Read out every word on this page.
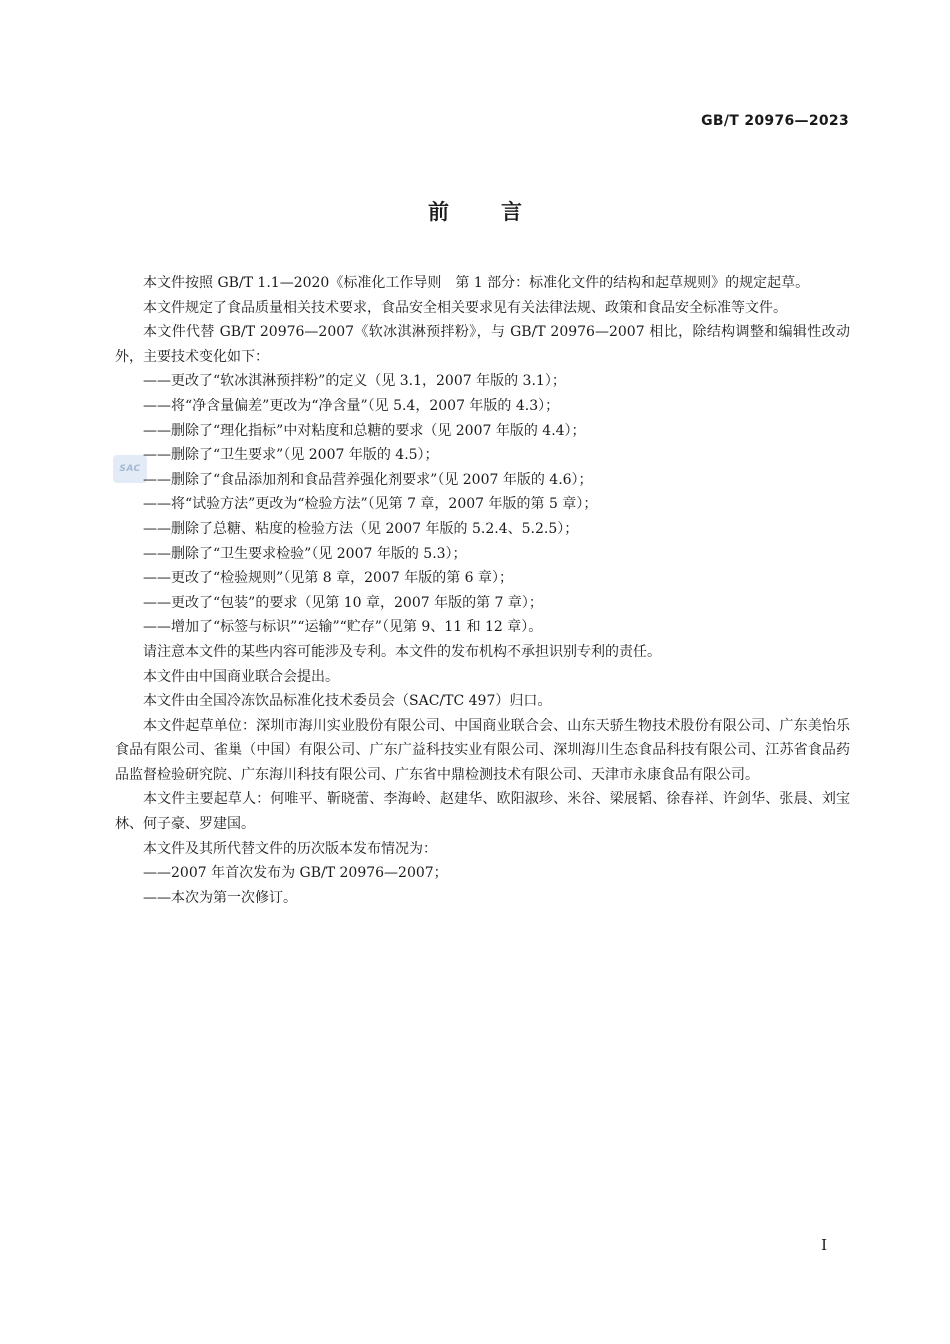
GB/T 20976—2023
前言
SAC

本文件按照 GB/T 1.1—2020《标准化工作导则　第 1 部分：标准化文件的结构和起草规则》的规定起草。

本文件规定了食品质量相关技术要求，食品安全相关要求见有关法律法规、政策和食品安全标准等文件。

本文件代替 GB/T 20976—2007《软冰淇淋预拌粉》，与 GB/T 20976—2007 相比，除结构调整和编辑性改动外，主要技术变化如下：

——更改了“软冰淇淋预拌粉”的定义（见 3.1，2007 年版的 3.1）；

——将“净含量偏差”更改为“净含量”（见 5.4，2007 年版的 4.3）；

——删除了“理化指标”中对粘度和总糖的要求（见 2007 年版的 4.4）；

——删除了“卫生要求”（见 2007 年版的 4.5）；

——删除了“食品添加剂和食品营养强化剂要求”（见 2007 年版的 4.6）；

——将“试验方法”更改为“检验方法”（见第 7 章，2007 年版的第 5 章）；

——删除了总糖、粘度的检验方法（见 2007 年版的 5.2.4、5.2.5）；

——删除了“卫生要求检验”（见 2007 年版的 5.3）；

——更改了“检验规则”（见第 8 章，2007 年版的第 6 章）；

——更改了“包装”的要求（见第 10 章，2007 年版的第 7 章）；

——增加了“标签与标识”“运输”“贮存”（见第 9、11 和 12 章）。

请注意本文件的某些内容可能涉及专利。本文件的发布机构不承担识别专利的责任。

本文件由中国商业联合会提出。

本文件由全国冷冻饮品标准化技术委员会（SAC/TC 497）归口。

本文件起草单位：深圳市海川实业股份有限公司、中国商业联合会、山东天骄生物技术股份有限公司、广东美怡乐食品有限公司、雀巢（中国）有限公司、广东广益科技实业有限公司、深圳海川生态食品科技有限公司、江苏省食品药品监督检验研究院、广东海川科技有限公司、广东省中鼎检测技术有限公司、天津市永康食品有限公司。

本文件主要起草人：何唯平、靳晓蕾、李海岭、赵建华、欧阳淑珍、米谷、梁展韬、徐春祥、许剑华、张晨、刘宝林、何子豪、罗建国。

本文件及其所代替文件的历次版本发布情况为：

——2007 年首次发布为 GB/T 20976—2007；

——本次为第一次修订。

I
